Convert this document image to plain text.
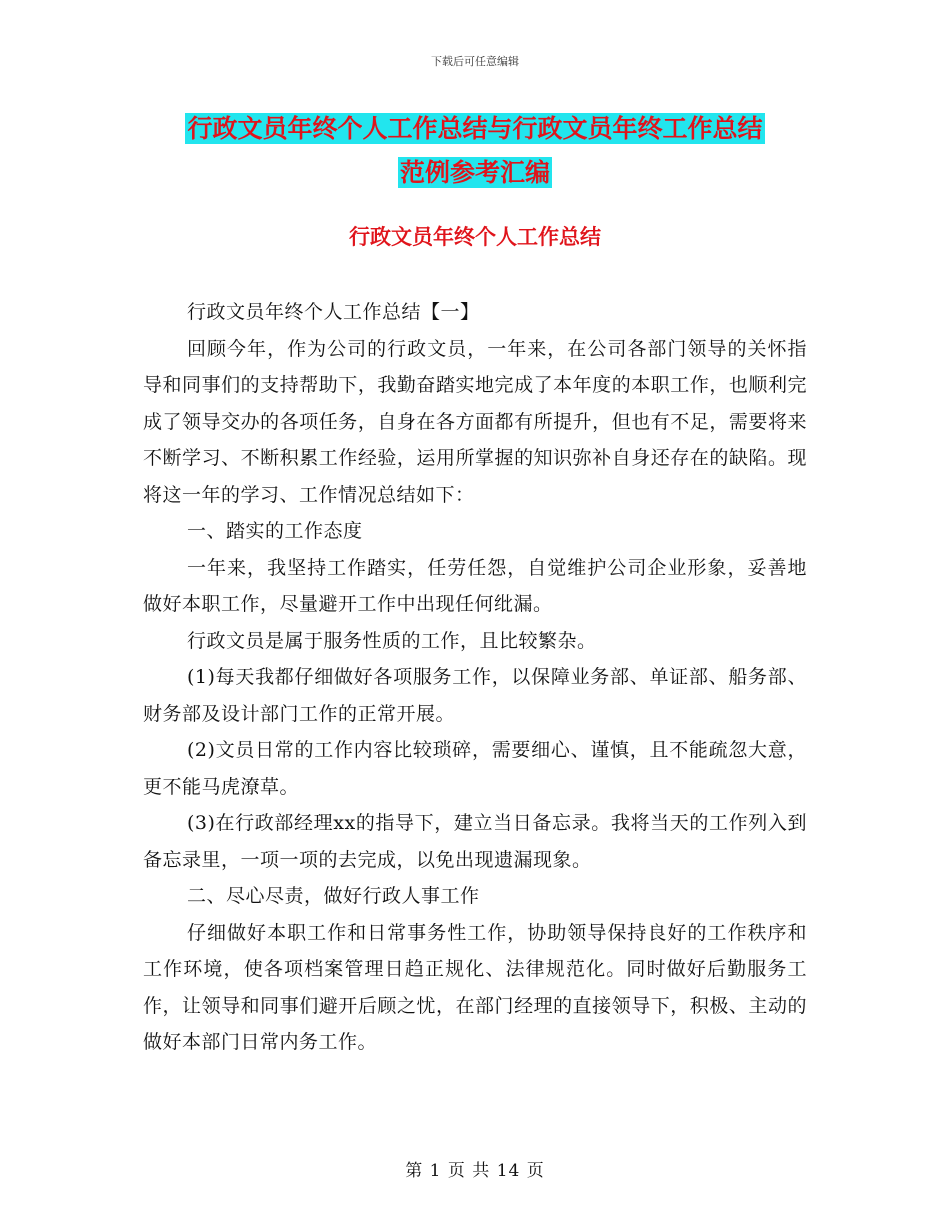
下载后可任意编辑
行政文员年终个人工作总结与行政文员年终工作总结
范例参考汇编
行政文员年终个人工作总结

行政文员年终个人工作总结【一】

回顾今年，作为公司的行政文员，一年来，在公司各部门领导的关怀指导和同事们的支持帮助下，我勤奋踏实地完成了本年度的本职工作，也顺利完成了领导交办的各项任务，自身在各方面都有所提升，但也有不足，需要将来不断学习、不断积累工作经验，运用所掌握的知识弥补自身还存在的缺陷。现将这一年的学习、工作情况总结如下：

一、踏实的工作态度

一年来，我坚持工作踏实，任劳任怨，自觉维护公司企业形象，妥善地做好本职工作，尽量避开工作中出现任何纰漏。

行政文员是属于服务性质的工作，且比较繁杂。

(1)每天我都仔细做好各项服务工作，以保障业务部、单证部、船务部、财务部及设计部门工作的正常开展。

(2)文员日常的工作内容比较琐碎，需要细心、谨慎，且不能疏忽大意，更不能马虎潦草。

(3)在行政部经理xx的指导下，建立当日备忘录。我将当天的工作列入到备忘录里，一项一项的去完成，以免出现遗漏现象。

二、尽心尽责，做好行政人事工作

仔细做好本职工作和日常事务性工作，协助领导保持良好的工作秩序和工作环境，使各项档案管理日趋正规化、法律规范化。同时做好后勤服务工作，让领导和同事们避开后顾之忧，在部门经理的直接领导下，积极、主动的做好本部门日常内务工作。

第 1 页 共 14 页
